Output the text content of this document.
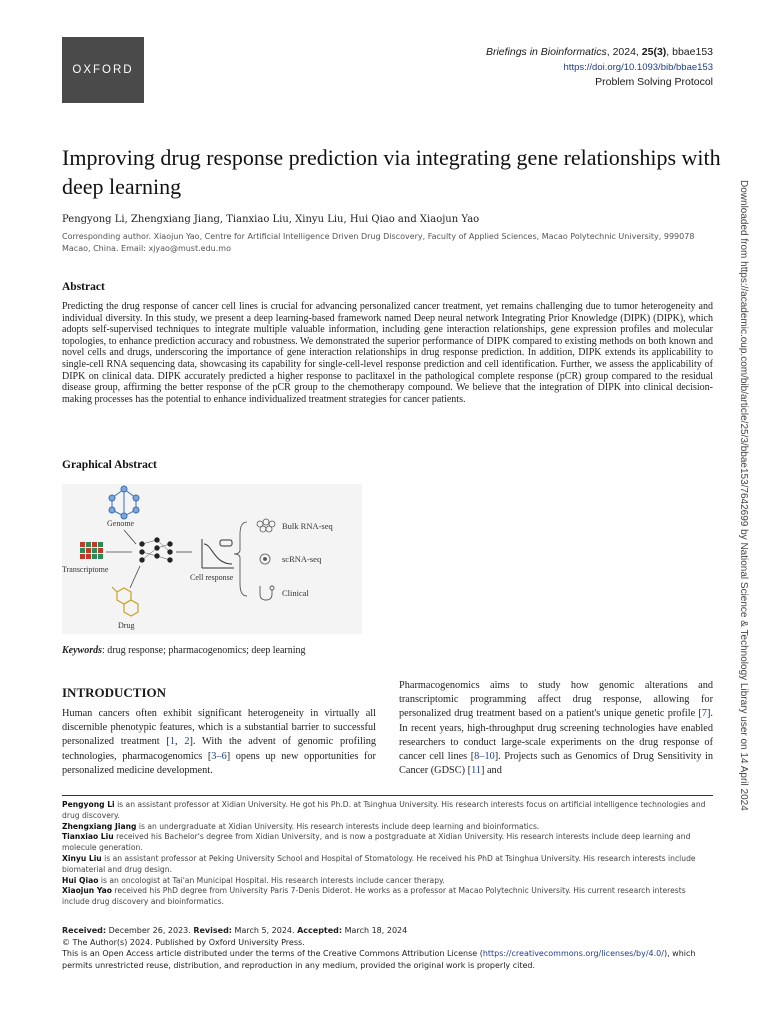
OXFORD
Briefings in Bioinformatics, 2024, 25(3), bbae153
https://doi.org/10.1093/bib/bbae153
Problem Solving Protocol
Improving drug response prediction via integrating gene relationships with deep learning
Pengyong Li, Zhengxiang Jiang, Tianxiao Liu, Xinyu Liu, Hui Qiao and Xiaojun Yao
Corresponding author. Xiaojun Yao, Centre for Artificial Intelligence Driven Drug Discovery, Faculty of Applied Sciences, Macao Polytechnic University, 999078 Macao, China. Email: xjyao@must.edu.mo
Abstract
Predicting the drug response of cancer cell lines is crucial for advancing personalized cancer treatment, yet remains challenging due to tumor heterogeneity and individual diversity. In this study, we present a deep learning-based framework named Deep neural network Integrating Prior Knowledge (DIPK) (DIPK), which adopts self-supervised techniques to integrate multiple valuable information, including gene interaction relationships, gene expression profiles and molecular topologies, to enhance prediction accuracy and robustness. We demonstrated the superior performance of DIPK compared to existing methods on both known and novel cells and drugs, underscoring the importance of gene interaction relationships in drug response prediction. In addition, DIPK extends its applicability to single-cell RNA sequencing data, showcasing its capability for single-cell-level response prediction and cell identification. Further, we assess the applicability of DIPK on clinical data. DIPK accurately predicted a higher response to paclitaxel in the pathological complete response (pCR) group compared to the residual disease group, affirming the better response of the pCR group to the chemotherapy compound. We believe that the integration of DIPK into clinical decision-making processes has the potential to enhance individualized treatment strategies for cancer patients.
Graphical Abstract
Genome
Transcriptome
Drug
Cell response
Bulk RNA-seq
scRNA-seq
Clinical
Keywords: drug response; pharmacogenomics; deep learning
INTRODUCTION

Human cancers often exhibit significant heterogeneity in virtually all discernible phenotypic features, which is a substantial barrier to successful personalized treatment [1, 2]. With the advent of genomic profiling technologies, pharmacogenomics [3–6] opens up new opportunities for personalized medicine development.

Pharmacogenomics aims to study how genomic alterations and transcriptomic programming affect drug response, allowing for personalized drug treatment based on a patient's unique genetic profile [7]. In recent years, high-throughput drug screening technologies have enabled researchers to conduct large-scale experiments on the drug response of cancer cell lines [8–10]. Projects such as Genomics of Drug Sensitivity in Cancer (GDSC) [11] and

Pengyong Li is an assistant professor at Xidian University. He got his Ph.D. at Tsinghua University. His research interests focus on artificial intelligence technologies and drug discovery.

Zhengxiang Jiang is an undergraduate at Xidian University. His research interests include deep learning and bioinformatics.

Tianxiao Liu received his Bachelor's degree from Xidian University, and is now a postgraduate at Xidian University. His research interests include deep learning and molecule generation.

Xinyu Liu is an assistant professor at Peking University School and Hospital of Stomatology. He received his PhD at Tsinghua University. His research interests include biomaterial and drug design.

Hui Qiao is an oncologist at Tai'an Municipal Hospital. His research interests include cancer therapy.

Xiaojun Yao received his PhD degree from University Paris 7-Denis Diderot. He works as a professor at Macao Polytechnic University. His current research interests include drug discovery and bioinformatics.

Received: December 26, 2023. Revised: March 5, 2024. Accepted: March 18, 2024

© The Author(s) 2024. Published by Oxford University Press.

This is an Open Access article distributed under the terms of the Creative Commons Attribution License (https://creativecommons.org/licenses/by/4.0/), which permits unrestricted reuse, distribution, and reproduction in any medium, provided the original work is properly cited.

Downloaded from https://academic.oup.com/bib/article/25/3/bbae153/7642699 by National Science & Technology Library user on 14 April 2024
